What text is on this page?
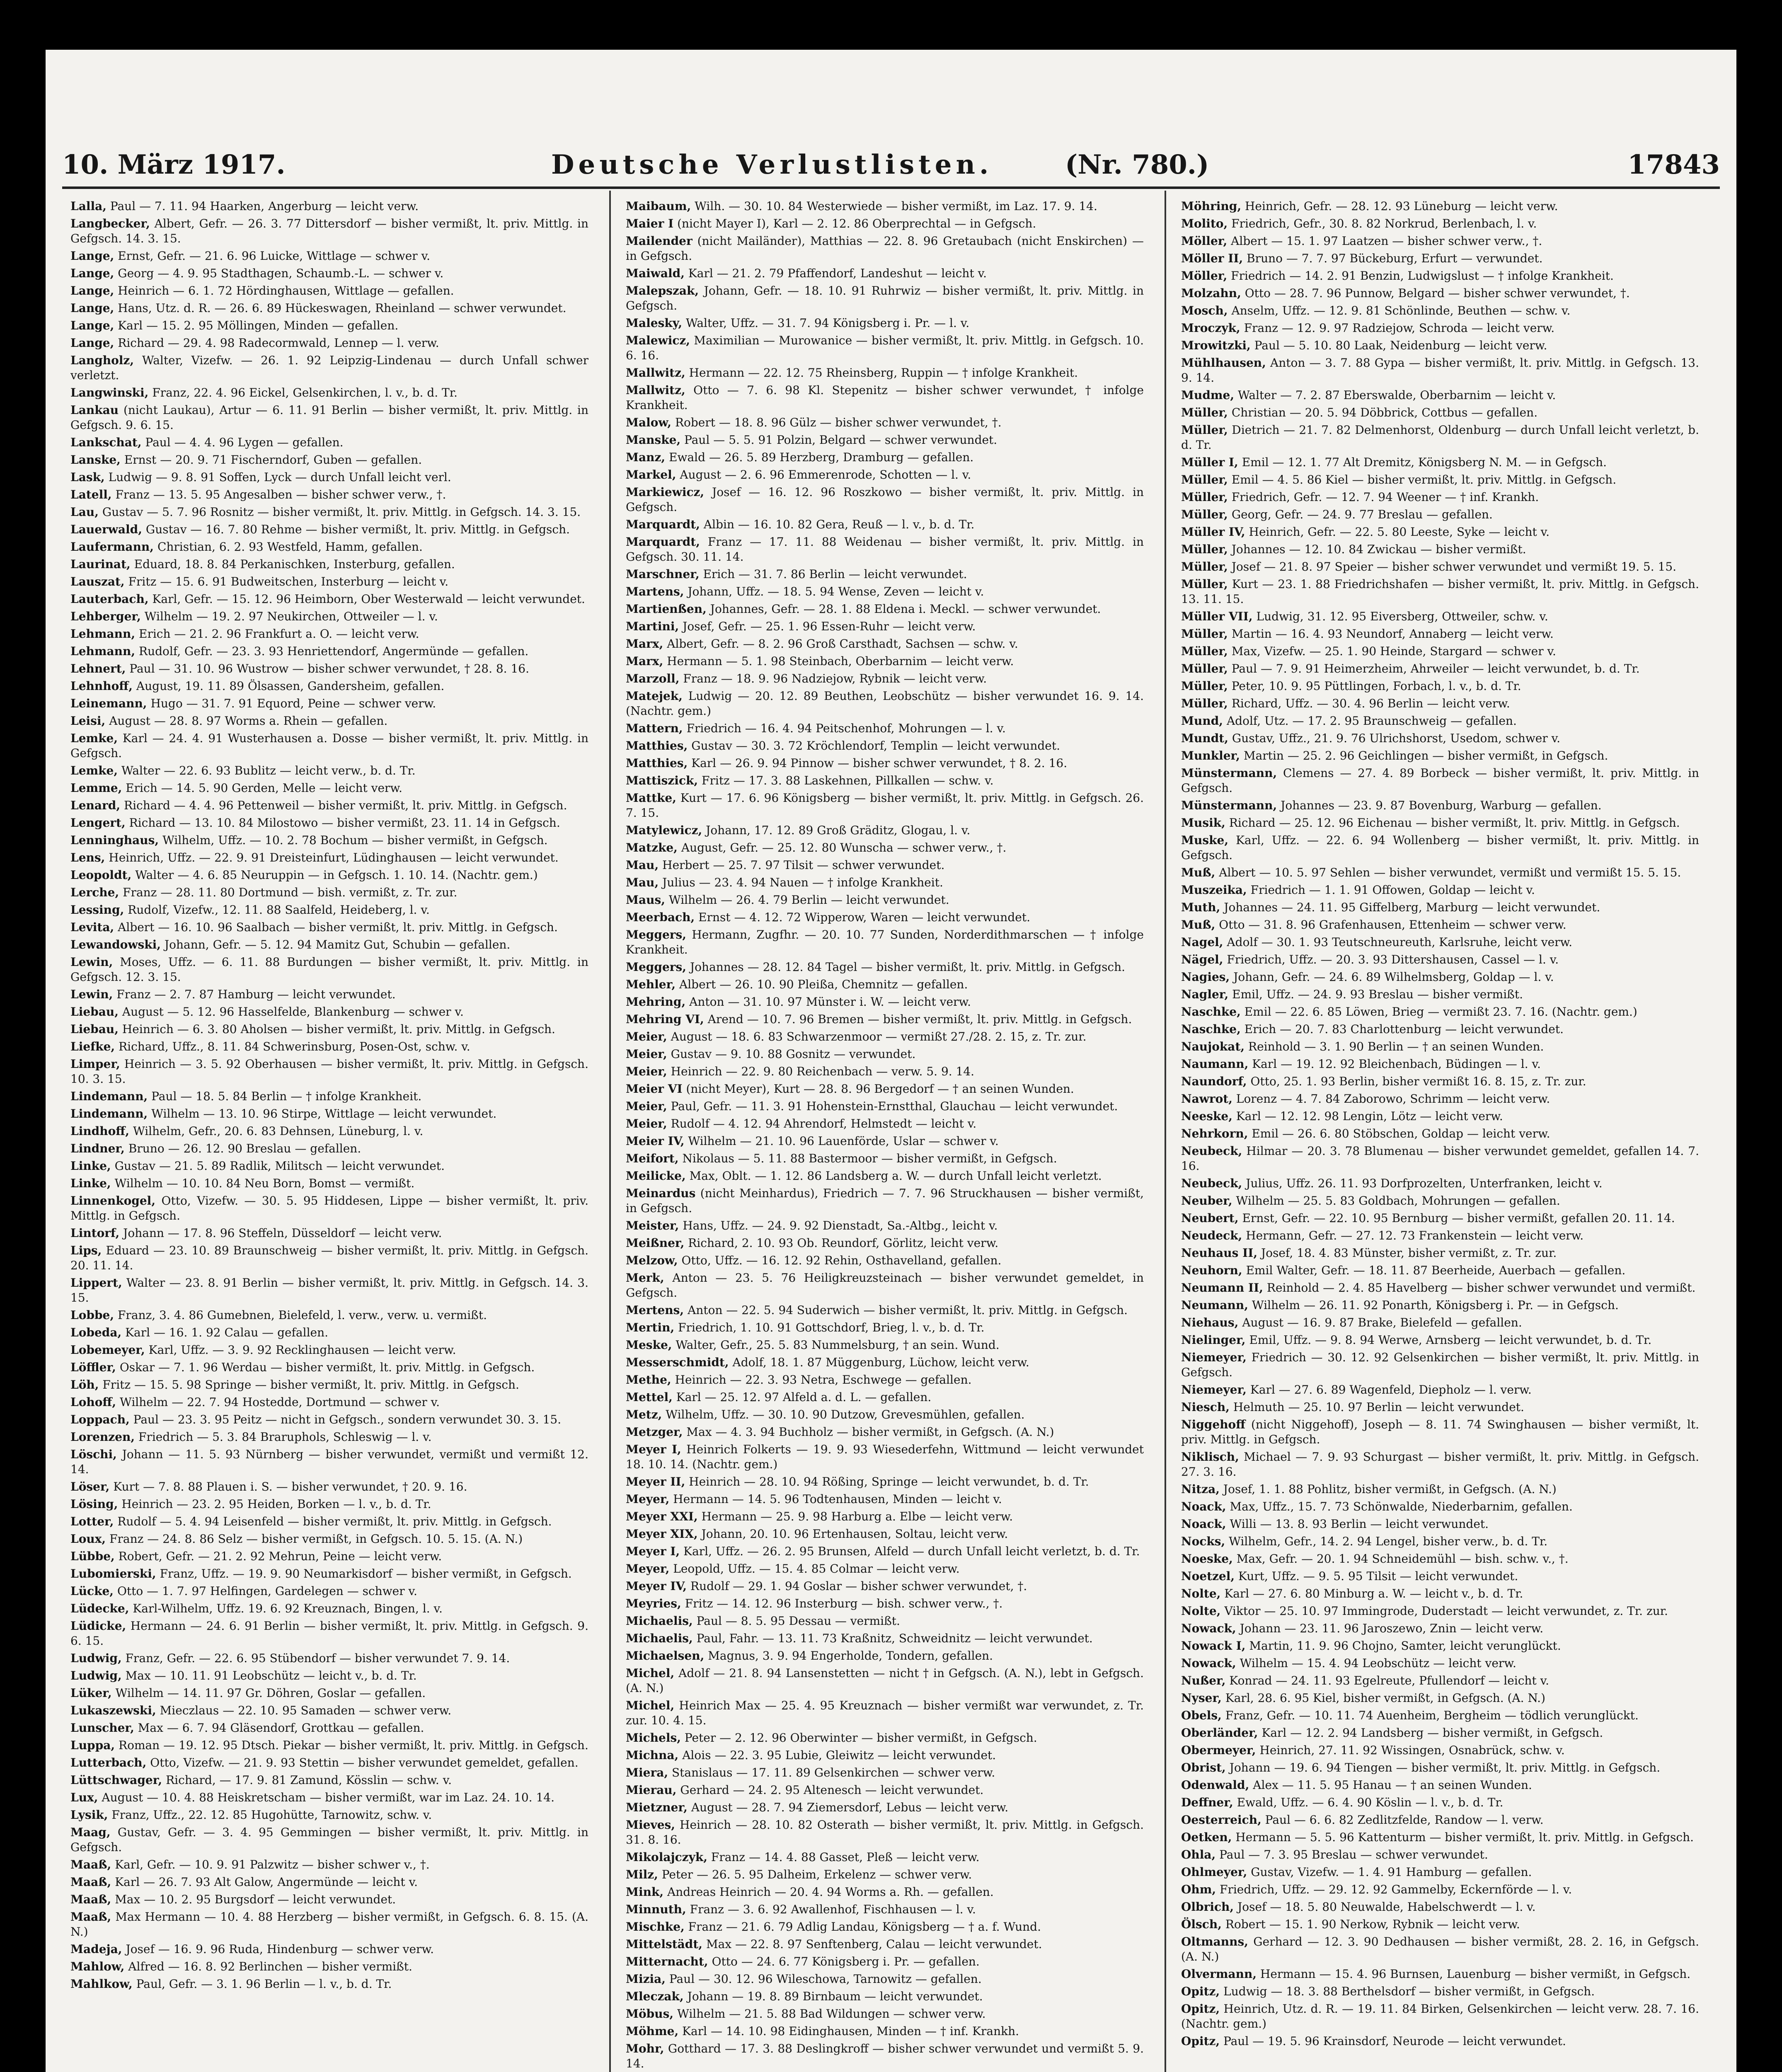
10. März 1917.	Deutsche Verlustlisten.	(Nr. 780.)	17843

Lalla, Paul — 7. 11. 94 Haarken, Angerburg — leicht verw.

Langbecker, Albert, Gefr. — 26. 3. 77 Dittersdorf — bisher vermißt, lt. priv. Mittlg. in Gefgsch. 14. 3. 15.

Lange, Ernst, Gefr. — 21. 6. 96 Luicke, Wittlage — schwer v.

Lange, Georg — 4. 9. 95 Stadthagen, Schaumb.-L. — schwer v.

Lange, Heinrich — 6. 1. 72 Hördinghausen, Wittlage — gefallen.

Lange, Hans, Utz. d. R. — 26. 6. 89 Hückeswagen, Rheinland — schwer verwundet.

Lange, Karl — 15. 2. 95 Möllingen, Minden — gefallen.

Lange, Richard — 29. 4. 98 Radecormwald, Lennep — l. verw.

Langholz, Walter, Vizefw. — 26. 1. 92 Leipzig-Lindenau — durch Unfall schwer verletzt.

Langwinski, Franz, 22. 4. 96 Eickel, Gelsenkirchen, l. v., b. d. Tr.

Lankau (nicht Laukau), Artur — 6. 11. 91 Berlin — bisher vermißt, lt. priv. Mittlg. in Gefgsch. 9. 6. 15.

Lankschat, Paul — 4. 4. 96 Lygen — gefallen.

Lanske, Ernst — 20. 9. 71 Fischerndorf, Guben — gefallen.

Lask, Ludwig — 9. 8. 91 Soffen, Lyck — durch Unfall leicht verl.

Latell, Franz — 13. 5. 95 Angesalben — bisher schwer verw., †.

Lau, Gustav — 5. 7. 96 Rosnitz — bisher vermißt, lt. priv. Mittlg. in Gefgsch. 14. 3. 15.

Lauerwald, Gustav — 16. 7. 80 Rehme — bisher vermißt, lt. priv. Mittlg. in Gefgsch.

Laufermann, Christian, 6. 2. 93 Westfeld, Hamm, gefallen.

Laurinat, Eduard, 18. 8. 84 Perkanischken, Insterburg, gefallen.

Lauszat, Fritz — 15. 6. 91 Budweitschen, Insterburg — leicht v.

Lauterbach, Karl, Gefr. — 15. 12. 96 Heimborn, Ober Westerwald — leicht verwundet.

Lehberger, Wilhelm — 19. 2. 97 Neukirchen, Ottweiler — l. v.

Lehmann, Erich — 21. 2. 96 Frankfurt a. O. — leicht verw.

Lehmann, Rudolf, Gefr. — 23. 3. 93 Henriettendorf, Angermünde — gefallen.

Lehnert, Paul — 31. 10. 96 Wustrow — bisher schwer verwundet, † 28. 8. 16.

Lehnhoff, August, 19. 11. 89 Ölsassen, Gandersheim, gefallen.

Leinemann, Hugo — 31. 7. 91 Equord, Peine — schwer verw.

Leisi, August — 28. 8. 97 Worms a. Rhein — gefallen.

Lemke, Karl — 24. 4. 91 Wusterhausen a. Dosse — bisher vermißt, lt. priv. Mittlg. in Gefgsch.

Lemke, Walter — 22. 6. 93 Bublitz — leicht verw., b. d. Tr.

Lemme, Erich — 14. 5. 90 Gerden, Melle — leicht verw.

Lenard, Richard — 4. 4. 96 Pettenweil — bisher vermißt, lt. priv. Mittlg. in Gefgsch.

Lengert, Richard — 13. 10. 84 Milostowo — bisher vermißt, 23. 11. 14 in Gefgsch.

Lenninghaus, Wilhelm, Uffz. — 10. 2. 78 Bochum — bisher vermißt, in Gefgsch.

Lens, Heinrich, Uffz. — 22. 9. 91 Dreisteinfurt, Lüdinghausen — leicht verwundet.

Leopoldt, Walter — 4. 6. 85 Neuruppin — in Gefgsch. 1. 10. 14. (Nachtr. gem.)

Lerche, Franz — 28. 11. 80 Dortmund — bish. vermißt, z. Tr. zur.

Lessing, Rudolf, Vizefw., 12. 11. 88 Saalfeld, Heideberg, l. v.

Levita, Albert — 16. 10. 96 Saalbach — bisher vermißt, lt. priv. Mittlg. in Gefgsch.

Lewandowski, Johann, Gefr. — 5. 12. 94 Mamitz Gut, Schubin — gefallen.

Lewin, Moses, Uffz. — 6. 11. 88 Burdungen — bisher vermißt, lt. priv. Mittlg. in Gefgsch. 12. 3. 15.

Lewin, Franz — 2. 7. 87 Hamburg — leicht verwundet.

Liebau, August — 5. 12. 96 Hasselfelde, Blankenburg — schwer v.

Liebau, Heinrich — 6. 3. 80 Aholsen — bisher vermißt, lt. priv. Mittlg. in Gefgsch.

Liefke, Richard, Uffz., 8. 11. 84 Schwerinsburg, Posen-Ost, schw. v.

Limper, Heinrich — 3. 5. 92 Oberhausen — bisher vermißt, lt. priv. Mittlg. in Gefgsch. 10. 3. 15.

Lindemann, Paul — 18. 5. 84 Berlin — † infolge Krankheit.

Lindemann, Wilhelm — 13. 10. 96 Stirpe, Wittlage — leicht verwundet.

Lindhoff, Wilhelm, Gefr., 20. 6. 83 Dehnsen, Lüneburg, l. v.

Lindner, Bruno — 26. 12. 90 Breslau — gefallen.

Linke, Gustav — 21. 5. 89 Radlik, Militsch — leicht verwundet.

Linke, Wilhelm — 10. 10. 84 Neu Born, Bomst — vermißt.

Linnenkogel, Otto, Vizefw. — 30. 5. 95 Hiddesen, Lippe — bisher vermißt, lt. priv. Mittlg. in Gefgsch.

Lintorf, Johann — 17. 8. 96 Steffeln, Düsseldorf — leicht verw.

Lips, Eduard — 23. 10. 89 Braunschweig — bisher vermißt, lt. priv. Mittlg. in Gefgsch. 20. 11. 14.

Lippert, Walter — 23. 8. 91 Berlin — bisher vermißt, lt. priv. Mittlg. in Gefgsch. 14. 3. 15.

Lobbe, Franz, 3. 4. 86 Gumebnen, Bielefeld, l. verw., verw. u. vermißt.

Lobeda, Karl — 16. 1. 92 Calau — gefallen.

Lobemeyer, Karl, Uffz. — 3. 9. 92 Recklinghausen — leicht verw.

Löffler, Oskar — 7. 1. 96 Werdau — bisher vermißt, lt. priv. Mittlg. in Gefgsch.

Löh, Fritz — 15. 5. 98 Springe — bisher vermißt, lt. priv. Mittlg. in Gefgsch.

Lohoff, Wilhelm — 22. 7. 94 Hostedde, Dortmund — schwer v.

Loppach, Paul — 23. 3. 95 Peitz — nicht in Gefgsch., sondern verwundet 30. 3. 15.

Lorenzen, Friedrich — 5. 3. 84 Braruphols, Schleswig — l. v.

Löschi, Johann — 11. 5. 93 Nürnberg — bisher verwundet, vermißt und vermißt 12. 14.

Löser, Kurt — 7. 8. 88 Plauen i. S. — bisher verwundet, † 20. 9. 16.

Lösing, Heinrich — 23. 2. 95 Heiden, Borken — l. v., b. d. Tr.

Lotter, Rudolf — 5. 4. 94 Leisenfeld — bisher vermißt, lt. priv. Mittlg. in Gefgsch.

Loux, Franz — 24. 8. 86 Selz — bisher vermißt, in Gefgsch. 10. 5. 15. (A. N.)

Lübbe, Robert, Gefr. — 21. 2. 92 Mehrun, Peine — leicht verw.

Lubomierski, Franz, Uffz. — 19. 9. 90 Neumarkisdorf — bisher vermißt, in Gefgsch.

Lücke, Otto — 1. 7. 97 Helfingen, Gardelegen — schwer v.

Lüdecke, Karl-Wilhelm, Uffz. 19. 6. 92 Kreuznach, Bingen, l. v.

Lüdicke, Hermann — 24. 6. 91 Berlin — bisher vermißt, lt. priv. Mittlg. in Gefgsch. 9. 6. 15.

Ludwig, Franz, Gefr. — 22. 6. 95 Stübendorf — bisher verwundet 7. 9. 14.

Ludwig, Max — 10. 11. 91 Leobschütz — leicht v., b. d. Tr.

Lüker, Wilhelm — 14. 11. 97 Gr. Döhren, Goslar — gefallen.

Lukaszewski, Mieczlaus — 22. 10. 95 Samaden — schwer verw.

Lunscher, Max — 6. 7. 94 Gläsendorf, Grottkau — gefallen.

Luppa, Roman — 19. 12. 95 Dtsch. Piekar — bisher vermißt, lt. priv. Mittlg. in Gefgsch.

Lutterbach, Otto, Vizefw. — 21. 9. 93 Stettin — bisher verwundet gemeldet, gefallen.

Lüttschwager, Richard, — 17. 9. 81 Zamund, Kösslin — schw. v.

Lux, August — 10. 4. 88 Heiskretscham — bisher vermißt, war im Laz. 24. 10. 14.

Lysik, Franz, Uffz., 22. 12. 85 Hugohütte, Tarnowitz, schw. v.

Maag, Gustav, Gefr. — 3. 4. 95 Gemmingen — bisher vermißt, lt. priv. Mittlg. in Gefgsch.

Maaß, Karl, Gefr. — 10. 9. 91 Palzwitz — bisher schwer v., †.

Maaß, Karl — 26. 7. 93 Alt Galow, Angermünde — leicht v.

Maaß, Max — 10. 2. 95 Burgsdorf — leicht verwundet.

Maaß, Max Hermann — 10. 4. 88 Herzberg — bisher vermißt, in Gefgsch. 6. 8. 15. (A. N.)

Madeja, Josef — 16. 9. 96 Ruda, Hindenburg — schwer verw.

Mahlow, Alfred — 16. 8. 92 Berlinchen — bisher vermißt.

Mahlkow, Paul, Gefr. — 3. 1. 96 Berlin — l. v., b. d. Tr.

Maibaum, Wilh. — 30. 10. 84 Westerwiede — bisher vermißt, im Laz. 17. 9. 14.

Maier I (nicht Mayer I), Karl — 2. 12. 86 Oberprechtal — in Gefgsch.

Mailender (nicht Mailänder), Matthias — 22. 8. 96 Gretaubach (nicht Enskirchen) — in Gefgsch.

Maiwald, Karl — 21. 2. 79 Pfaffendorf, Landeshut — leicht v.

Malepszak, Johann, Gefr. — 18. 10. 91 Ruhrwiz — bisher vermißt, lt. priv. Mittlg. in Gefgsch.

Malesky, Walter, Uffz. — 31. 7. 94 Königsberg i. Pr. — l. v.

Malewicz, Maximilian — Murowanice — bisher vermißt, lt. priv. Mittlg. in Gefgsch. 10. 6. 16.

Mallwitz, Hermann — 22. 12. 75 Rheinsberg, Ruppin — † infolge Krankheit.

Mallwitz, Otto — 7. 6. 98 Kl. Stepenitz — bisher schwer verwundet, † infolge Krankheit.

Malow, Robert — 18. 8. 96 Gülz — bisher schwer verwundet, †.

Manske, Paul — 5. 5. 91 Polzin, Belgard — schwer verwundet.

Manz, Ewald — 26. 5. 89 Herzberg, Dramburg — gefallen.

Markel, August — 2. 6. 96 Emmerenrode, Schotten — l. v.

Markiewicz, Josef — 16. 12. 96 Roszkowo — bisher vermißt, lt. priv. Mittlg. in Gefgsch.

Marquardt, Albin — 16. 10. 82 Gera, Reuß — l. v., b. d. Tr.

Marquardt, Franz — 17. 11. 88 Weidenau — bisher vermißt, lt. priv. Mittlg. in Gefgsch. 30. 11. 14.

Marschner, Erich — 31. 7. 86 Berlin — leicht verwundet.

Martens, Johann, Uffz. — 18. 5. 94 Wense, Zeven — leicht v.

Martienßen, Johannes, Gefr. — 28. 1. 88 Eldena i. Meckl. — schwer verwundet.

Martini, Josef, Gefr. — 25. 1. 96 Essen-Ruhr — leicht verw.

Marx, Albert, Gefr. — 8. 2. 96 Groß Carsthadt, Sachsen — schw. v.

Marx, Hermann — 5. 1. 98 Steinbach, Oberbarnim — leicht verw.

Marzoll, Franz — 18. 9. 96 Nadziejow, Rybnik — leicht verw.

Matejek, Ludwig — 20. 12. 89 Beuthen, Leobschütz — bisher verwundet 16. 9. 14. (Nachtr. gem.)

Mattern, Friedrich — 16. 4. 94 Peitschenhof, Mohrungen — l. v.

Matthies, Gustav — 30. 3. 72 Kröchlendorf, Templin — leicht verwundet.

Matthies, Karl — 26. 9. 94 Pinnow — bisher schwer verwundet, † 8. 2. 16.

Mattiszick, Fritz — 17. 3. 88 Laskehnen, Pillkallen — schw. v.

Mattke, Kurt — 17. 6. 96 Königsberg — bisher vermißt, lt. priv. Mittlg. in Gefgsch. 26. 7. 15.

Matylewicz, Johann, 17. 12. 89 Groß Gräditz, Glogau, l. v.

Matzke, August, Gefr. — 25. 12. 80 Wunscha — schwer verw., †.

Mau, Herbert — 25. 7. 97 Tilsit — schwer verwundet.

Mau, Julius — 23. 4. 94 Nauen — † infolge Krankheit.

Maus, Wilhelm — 26. 4. 79 Berlin — leicht verwundet.

Meerbach, Ernst — 4. 12. 72 Wipperow, Waren — leicht verwundet.

Meggers, Hermann, Zugfhr. — 20. 10. 77 Sunden, Norderdithmarschen — † infolge Krankheit.

Meggers, Johannes — 28. 12. 84 Tagel — bisher vermißt, lt. priv. Mittlg. in Gefgsch.

Mehler, Albert — 26. 10. 90 Pleißa, Chemnitz — gefallen.

Mehring, Anton — 31. 10. 97 Münster i. W. — leicht verw.

Mehring VI, Arend — 10. 7. 96 Bremen — bisher vermißt, lt. priv. Mittlg. in Gefgsch.

Meier, August — 18. 6. 83 Schwarzenmoor — vermißt 27./28. 2. 15, z. Tr. zur.

Meier, Gustav — 9. 10. 88 Gosnitz — verwundet.

Meier, Heinrich — 22. 9. 80 Reichenbach — verw. 5. 9. 14.

Meier VI (nicht Meyer), Kurt — 28. 8. 96 Bergedorf — † an seinen Wunden.

Meier, Paul, Gefr. — 11. 3. 91 Hohenstein-Ernstthal, Glauchau — leicht verwundet.

Meier, Rudolf — 4. 12. 94 Ahrendorf, Helmstedt — leicht v.

Meier IV, Wilhelm — 21. 10. 96 Lauenförde, Uslar — schwer v.

Meifort, Nikolaus — 5. 11. 88 Bastermoor — bisher vermißt, in Gefgsch.

Meilicke, Max, Oblt. — 1. 12. 86 Landsberg a. W. — durch Unfall leicht verletzt.

Meinardus (nicht Meinhardus), Friedrich — 7. 7. 96 Struckhausen — bisher vermißt, in Gefgsch.

Meister, Hans, Uffz. — 24. 9. 92 Dienstadt, Sa.-Altbg., leicht v.

Meißner, Richard, 2. 10. 93 Ob. Reundorf, Görlitz, leicht verw.

Melzow, Otto, Uffz. — 16. 12. 92 Rehin, Osthavelland, gefallen.

Merk, Anton — 23. 5. 76 Heiligkreuzsteinach — bisher verwundet gemeldet, in Gefgsch.

Mertens, Anton — 22. 5. 94 Suderwich — bisher vermißt, lt. priv. Mittlg. in Gefgsch.

Mertin, Friedrich, 1. 10. 91 Gottschdorf, Brieg, l. v., b. d. Tr.

Meske, Walter, Gefr., 25. 5. 83 Nummelsburg, † an sein. Wund.

Messerschmidt, Adolf, 18. 1. 87 Müggenburg, Lüchow, leicht verw.

Methe, Heinrich — 22. 3. 93 Netra, Eschwege — gefallen.

Mettel, Karl — 25. 12. 97 Alfeld a. d. L. — gefallen.

Metz, Wilhelm, Uffz. — 30. 10. 90 Dutzow, Grevesmühlen, gefallen.

Metzger, Max — 4. 3. 94 Buchholz — bisher vermißt, in Gefgsch. (A. N.)

Meyer I, Heinrich Folkerts — 19. 9. 93 Wiesederfehn, Wittmund — leicht verwundet 18. 10. 14. (Nachtr. gem.)

Meyer II, Heinrich — 28. 10. 94 Rößing, Springe — leicht verwundet, b. d. Tr.

Meyer, Hermann — 14. 5. 96 Todtenhausen, Minden — leicht v.

Meyer XXI, Hermann — 25. 9. 98 Harburg a. Elbe — leicht verw.

Meyer XIX, Johann, 20. 10. 96 Ertenhausen, Soltau, leicht verw.

Meyer I, Karl, Uffz. — 26. 2. 95 Brunsen, Alfeld — durch Unfall leicht verletzt, b. d. Tr.

Meyer, Leopold, Uffz. — 15. 4. 85 Colmar — leicht verw.

Meyer IV, Rudolf — 29. 1. 94 Goslar — bisher schwer verwundet, †.

Meyries, Fritz — 14. 12. 96 Insterburg — bish. schwer verw., †.

Michaelis, Paul — 8. 5. 95 Dessau — vermißt.

Michaelis, Paul, Fahr. — 13. 11. 73 Kraßnitz, Schweidnitz — leicht verwundet.

Michaelsen, Magnus, 3. 9. 94 Engerholde, Tondern, gefallen.

Michel, Adolf — 21. 8. 94 Lansenstetten — nicht † in Gefgsch. (A. N.), lebt in Gefgsch. (A. N.)

Michel, Heinrich Max — 25. 4. 95 Kreuznach — bisher vermißt war verwundet, z. Tr. zur. 10. 4. 15.

Michels, Peter — 2. 12. 96 Oberwinter — bisher vermißt, in Gefgsch.

Michna, Alois — 22. 3. 95 Lubie, Gleiwitz — leicht verwundet.

Miera, Stanislaus — 17. 11. 89 Gelsenkirchen — schwer verw.

Mierau, Gerhard — 24. 2. 95 Altenesch — leicht verwundet.

Mietzner, August — 28. 7. 94 Ziemersdorf, Lebus — leicht verw.

Mieves, Heinrich — 28. 10. 82 Osterath — bisher vermißt, lt. priv. Mittlg. in Gefgsch. 31. 8. 16.

Mikolajczyk, Franz — 14. 4. 88 Gasset, Pleß — leicht verw.

Milz, Peter — 26. 5. 95 Dalheim, Erkelenz — schwer verw.

Mink, Andreas Heinrich — 20. 4. 94 Worms a. Rh. — gefallen.

Minnuth, Franz — 3. 6. 92 Awallenhof, Fischhausen — l. v.

Mischke, Franz — 21. 6. 79 Adlig Landau, Königsberg — † a. f. Wund.

Mittelstädt, Max — 22. 8. 97 Senftenberg, Calau — leicht verwundet.

Mitternacht, Otto — 24. 6. 77 Königsberg i. Pr. — gefallen.

Mizia, Paul — 30. 12. 96 Wileschowa, Tarnowitz — gefallen.

Mleczak, Johann — 19. 8. 89 Birnbaum — leicht verwundet.

Möbus, Wilhelm — 21. 5. 88 Bad Wildungen — schwer verw.

Möhme, Karl — 14. 10. 98 Eidinghausen, Minden — † inf. Krankh.

Mohr, Gotthard — 17. 3. 88 Deslingkroff — bisher schwer verwundet und vermißt 5. 9. 14.

Möhring, Heinrich, Gefr. — 28. 12. 93 Lüneburg — leicht verw.

Molito, Friedrich, Gefr., 30. 8. 82 Norkrud, Berlenbach, l. v.

Möller, Albert — 15. 1. 97 Laatzen — bisher schwer verw., †.

Möller II, Bruno — 7. 7. 97 Bückeburg, Erfurt — verwundet.

Möller, Friedrich — 14. 2. 91 Benzin, Ludwigslust — † infolge Krankheit.

Molzahn, Otto — 28. 7. 96 Punnow, Belgard — bisher schwer verwundet, †.

Mosch, Anselm, Uffz. — 12. 9. 81 Schönlinde, Beuthen — schw. v.

Mroczyk, Franz — 12. 9. 97 Radziejow, Schroda — leicht verw.

Mrowitzki, Paul — 5. 10. 80 Laak, Neidenburg — leicht verw.

Mühlhausen, Anton — 3. 7. 88 Gypa — bisher vermißt, lt. priv. Mittlg. in Gefgsch. 13. 9. 14.

Mudme, Walter — 7. 2. 87 Eberswalde, Oberbarnim — leicht v.

Müller, Christian — 20. 5. 94 Döbbrick, Cottbus — gefallen.

Müller, Dietrich — 21. 7. 82 Delmenhorst, Oldenburg — durch Unfall leicht verletzt, b. d. Tr.

Müller I, Emil — 12. 1. 77 Alt Dremitz, Königsberg N. M. — in Gefgsch.

Müller, Emil — 4. 5. 86 Kiel — bisher vermißt, lt. priv. Mittlg. in Gefgsch.

Müller, Friedrich, Gefr. — 12. 7. 94 Weener — † inf. Krankh.

Müller, Georg, Gefr. — 24. 9. 77 Breslau — gefallen.

Müller IV, Heinrich, Gefr. — 22. 5. 80 Leeste, Syke — leicht v.

Müller, Johannes — 12. 10. 84 Zwickau — bisher vermißt.

Müller, Josef — 21. 8. 97 Speier — bisher schwer verwundet und vermißt 19. 5. 15.

Müller, Kurt — 23. 1. 88 Friedrichshafen — bisher vermißt, lt. priv. Mittlg. in Gefgsch. 13. 11. 15.

Müller VII, Ludwig, 31. 12. 95 Eiversberg, Ottweiler, schw. v.

Müller, Martin — 16. 4. 93 Neundorf, Annaberg — leicht verw.

Müller, Max, Vizefw. — 25. 1. 90 Heinde, Stargard — schwer v.

Müller, Paul — 7. 9. 91 Heimerzheim, Ahrweiler — leicht verwundet, b. d. Tr.

Müller, Peter, 10. 9. 95 Püttlingen, Forbach, l. v., b. d. Tr.

Müller, Richard, Uffz. — 30. 4. 96 Berlin — leicht verw.

Mund, Adolf, Utz. — 17. 2. 95 Braunschweig — gefallen.

Mundt, Gustav, Uffz., 21. 9. 76 Ulrichshorst, Usedom, schwer v.

Munkler, Martin — 25. 2. 96 Geichlingen — bisher vermißt, in Gefgsch.

Münstermann, Clemens — 27. 4. 89 Borbeck — bisher vermißt, lt. priv. Mittlg. in Gefgsch.

Münstermann, Johannes — 23. 9. 87 Bovenburg, Warburg — gefallen.

Musik, Richard — 25. 12. 96 Eichenau — bisher vermißt, lt. priv. Mittlg. in Gefgsch.

Muske, Karl, Uffz. — 22. 6. 94 Wollenberg — bisher vermißt, lt. priv. Mittlg. in Gefgsch.

Muß, Albert — 10. 5. 97 Sehlen — bisher verwundet, vermißt und vermißt 15. 5. 15.

Muszeika, Friedrich — 1. 1. 91 Offowen, Goldap — leicht v.

Muth, Johannes — 24. 11. 95 Giffelberg, Marburg — leicht verwundet.

Muß, Otto — 31. 8. 96 Grafenhausen, Ettenheim — schwer verw.

Nagel, Adolf — 30. 1. 93 Teutschneureuth, Karlsruhe, leicht verw.

Nägel, Friedrich, Uffz. — 20. 3. 93 Dittershausen, Cassel — l. v.

Nagies, Johann, Gefr. — 24. 6. 89 Wilhelmsberg, Goldap — l. v.

Nagler, Emil, Uffz. — 24. 9. 93 Breslau — bisher vermißt.

Naschke, Emil — 22. 6. 85 Löwen, Brieg — vermißt 23. 7. 16. (Nachtr. gem.)

Naschke, Erich — 20. 7. 83 Charlottenburg — leicht verwundet.

Naujokat, Reinhold — 3. 1. 90 Berlin — † an seinen Wunden.

Naumann, Karl — 19. 12. 92 Bleichenbach, Büdingen — l. v.

Naundorf, Otto, 25. 1. 93 Berlin, bisher vermißt 16. 8. 15, z. Tr. zur.

Nawrot, Lorenz — 4. 7. 84 Zaborowo, Schrimm — leicht verw.

Neeske, Karl — 12. 12. 98 Lengin, Lötz — leicht verw.

Nehrkorn, Emil — 26. 6. 80 Stöbschen, Goldap — leicht verw.

Neubeck, Hilmar — 20. 3. 78 Blumenau — bisher verwundet gemeldet, gefallen 14. 7. 16.

Neubeck, Julius, Uffz. 26. 11. 93 Dorfprozelten, Unterfranken, leicht v.

Neuber, Wilhelm — 25. 5. 83 Goldbach, Mohrungen — gefallen.

Neubert, Ernst, Gefr. — 22. 10. 95 Bernburg — bisher vermißt, gefallen 20. 11. 14.

Neudeck, Hermann, Gefr. — 27. 12. 73 Frankenstein — leicht verw.

Neuhaus II, Josef, 18. 4. 83 Münster, bisher vermißt, z. Tr. zur.

Neuhorn, Emil Walter, Gefr. — 18. 11. 87 Beerheide, Auerbach — gefallen.

Neumann II, Reinhold — 2. 4. 85 Havelberg — bisher schwer verwundet und vermißt.

Neumann, Wilhelm — 26. 11. 92 Ponarth, Königsberg i. Pr. — in Gefgsch.

Niehaus, August — 16. 9. 87 Brake, Bielefeld — gefallen.

Nielinger, Emil, Uffz. — 9. 8. 94 Werwe, Arnsberg — leicht verwundet, b. d. Tr.

Niemeyer, Friedrich — 30. 12. 92 Gelsenkirchen — bisher vermißt, lt. priv. Mittlg. in Gefgsch.

Niemeyer, Karl — 27. 6. 89 Wagenfeld, Diepholz — l. verw.

Niesch, Helmuth — 25. 10. 97 Berlin — leicht verwundet.

Niggehoff (nicht Niggehoff), Joseph — 8. 11. 74 Swinghausen — bisher vermißt, lt. priv. Mittlg. in Gefgsch.

Niklisch, Michael — 7. 9. 93 Schurgast — bisher vermißt, lt. priv. Mittlg. in Gefgsch. 27. 3. 16.

Nitza, Josef, 1. 1. 88 Pohlitz, bisher vermißt, in Gefgsch. (A. N.)

Noack, Max, Uffz., 15. 7. 73 Schönwalde, Niederbarnim, gefallen.

Noack, Willi — 13. 8. 93 Berlin — leicht verwundet.

Nocks, Wilhelm, Gefr., 14. 2. 94 Lengel, bisher verw., b. d. Tr.

Noeske, Max, Gefr. — 20. 1. 94 Schneidemühl — bish. schw. v., †.

Noetzel, Kurt, Uffz. — 9. 5. 95 Tilsit — leicht verwundet.

Nolte, Karl — 27. 6. 80 Minburg a. W. — leicht v., b. d. Tr.

Nolte, Viktor — 25. 10. 97 Immingrode, Duderstadt — leicht verwundet, z. Tr. zur.

Nowack, Johann — 23. 11. 96 Jaroszewo, Znin — leicht verw.

Nowack I, Martin, 11. 9. 96 Chojno, Samter, leicht verunglückt.

Nowack, Wilhelm — 15. 4. 94 Leobschütz — leicht verw.

Nußer, Konrad — 24. 11. 93 Egelreute, Pfullendorf — leicht v.

Nyser, Karl, 28. 6. 95 Kiel, bisher vermißt, in Gefgsch. (A. N.)

Obels, Franz, Gefr. — 10. 11. 74 Auenheim, Bergheim — tödlich verunglückt.

Oberländer, Karl — 12. 2. 94 Landsberg — bisher vermißt, in Gefgsch.

Obermeyer, Heinrich, 27. 11. 92 Wissingen, Osnabrück, schw. v.

Obrist, Johann — 19. 6. 94 Tiengen — bisher vermißt, lt. priv. Mittlg. in Gefgsch.

Odenwald, Alex — 11. 5. 95 Hanau — † an seinen Wunden.

Deffner, Ewald, Uffz. — 6. 4. 90 Köslin — l. v., b. d. Tr.

Oesterreich, Paul — 6. 6. 82 Zedlitzfelde, Randow — l. verw.

Oetken, Hermann — 5. 5. 96 Kattenturm — bisher vermißt, lt. priv. Mittlg. in Gefgsch.

Ohla, Paul — 7. 3. 95 Breslau — schwer verwundet.

Ohlmeyer, Gustav, Vizefw. — 1. 4. 91 Hamburg — gefallen.

Ohm, Friedrich, Uffz. — 29. 12. 92 Gammelby, Eckernförde — l. v.

Olbrich, Josef — 18. 5. 80 Neuwalde, Habelschwerdt — l. v.

Ölsch, Robert — 15. 1. 90 Nerkow, Rybnik — leicht verw.

Oltmanns, Gerhard — 12. 3. 90 Dedhausen — bisher vermißt, 28. 2. 16, in Gefgsch. (A. N.)

Olvermann, Hermann — 15. 4. 96 Burnsen, Lauenburg — bisher vermißt, in Gefgsch.

Opitz, Ludwig — 18. 3. 88 Berthelsdorf — bisher vermißt, in Gefgsch.

Opitz, Heinrich, Utz. d. R. — 19. 11. 84 Birken, Gelsenkirchen — leicht verw. 28. 7. 16. (Nachtr. gem.)

Opitz, Paul — 19. 5. 96 Krainsdorf, Neurode — leicht verwundet.
